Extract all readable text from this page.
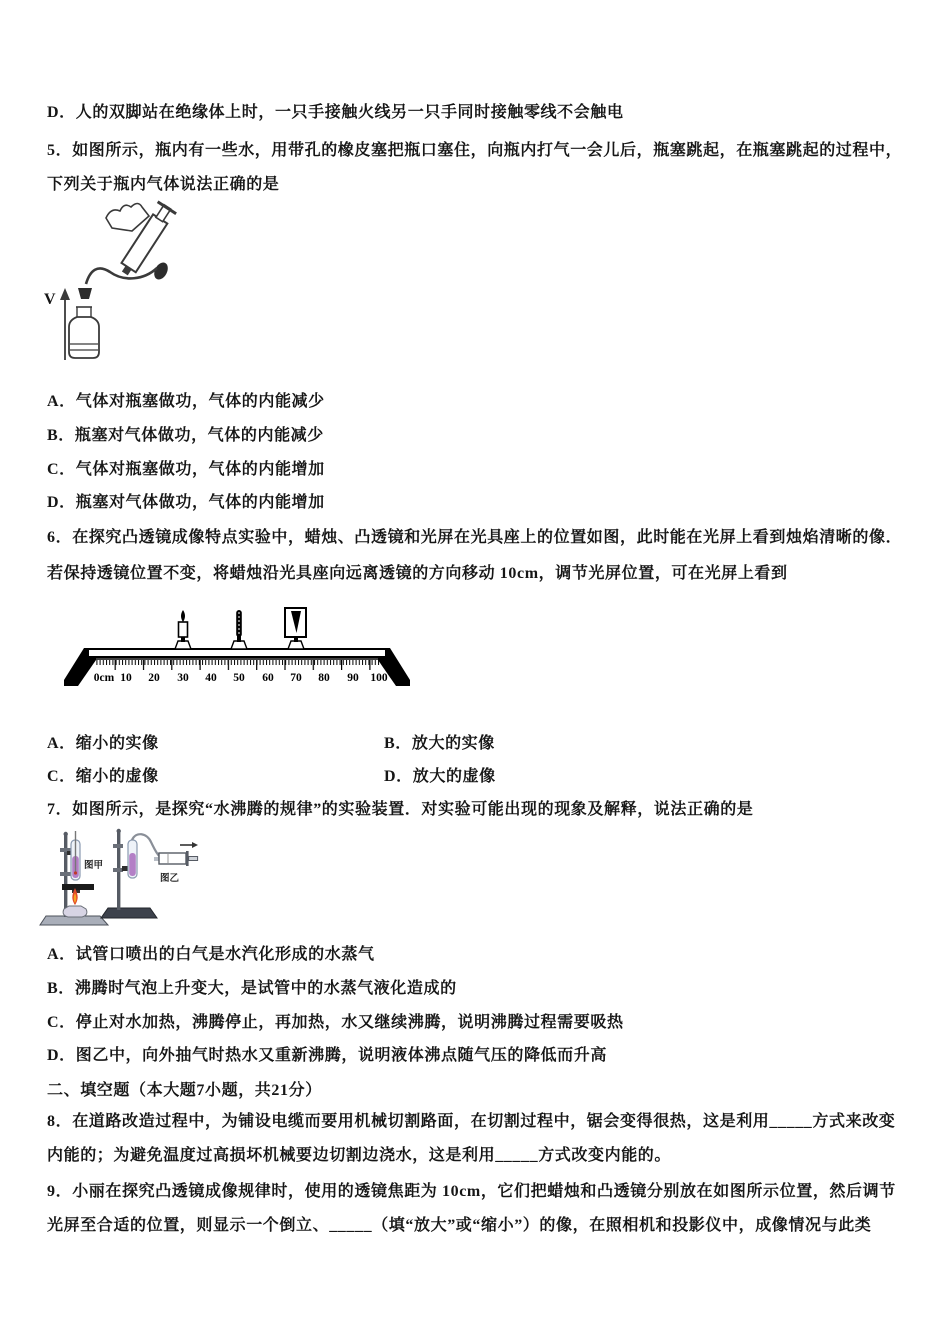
D．人的双脚站在绝缘体上时，一只手接触火线另一只手同时接触零线不会触电
5．如图所示，瓶内有一些水，用带孔的橡皮塞把瓶口塞住，向瓶内打气一会儿后，瓶塞跳起，在瓶塞跳起的过程中，
下列关于瓶内气体说法正确的是
V
A．气体对瓶塞做功，气体的内能减少
B．瓶塞对气体做功，气体的内能减少
C．气体对瓶塞做功，气体的内能增加
D．瓶塞对气体做功，气体的内能增加
6．在探究凸透镜成像特点实验中，蜡烛、凸透镜和光屏在光具座上的位置如图，此时能在光屏上看到烛焰清晰的像．
若保持透镜位置不变，将蜡烛沿光具座向远离透镜的方向移动 10cm，调节光屏位置，可在光屏上看到
0cm 10 20 30 40 50 60 70 80 90 100
A．缩小的实像	B．放大的实像
C．缩小的虚像	D．放大的虚像
7．如图所示，是探究“水沸腾的规律”的实验装置．对实验可能出现的现象及解释，说法正确的是
图甲
图乙
A．试管口喷出的白气是水汽化形成的水蒸气
B．沸腾时气泡上升变大，是试管中的水蒸气液化造成的
C．停止对水加热，沸腾停止，再加热，水又继续沸腾，说明沸腾过程需要吸热
D．图乙中，向外抽气时热水又重新沸腾，说明液体沸点随气压的降低而升高
二、填空题（本大题7小题，共21分）
8．在道路改造过程中，为铺设电缆而要用机械切割路面，在切割过程中，锯会变得很热，这是利用_____方式来改变
内能的；为避免温度过高损坏机械要边切割边浇水，这是利用_____方式改变内能的。
9．小丽在探究凸透镜成像规律时，使用的透镜焦距为 10cm，它们把蜡烛和凸透镜分别放在如图所示位置，然后调节
光屏至合适的位置，则显示一个倒立、_____（填“放大”或“缩小”）的像，在照相机和投影仪中，成像情况与此类
